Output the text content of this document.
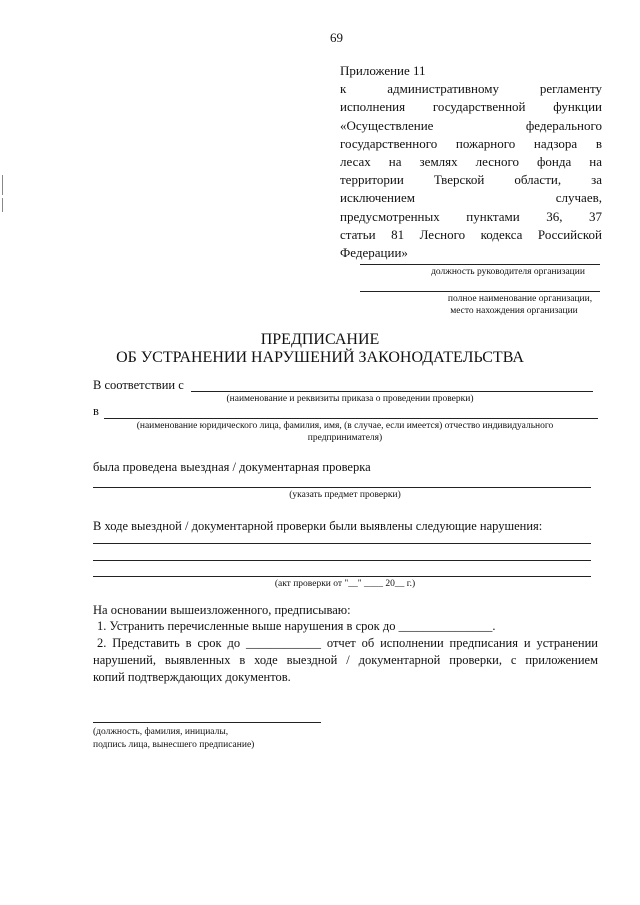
69
Приложение 11
к административному регламенту
исполнения государственной функции
«Осуществление федерального
государственного пожарного надзора в
лесах на землях лесного фонда на
территории Тверской области, за
исключением случаев,
предусмотренных пунктами 36, 37
статьи 81 Лесного кодекса Российской
Федерации»
должность руководителя организации
полное наименование организации,
место нахождения организации
ПРЕДПИСАНИЕ
ОБ УСТРАНЕНИИ НАРУШЕНИЙ ЗАКОНОДАТЕЛЬСТВА
В соответствии с
(наименование и реквизиты приказа о проведении проверки)
в
(наименование юридического лица, фамилия, имя, (в случае, если имеется) отчество индивидуального
предпринимателя)
была проведена выездная / документарная проверка
(указать предмет проверки)
В ходе выездной / документарной проверки были выявлены следующие нарушения:
(акт проверки от "__" ____ 20__ г.)
На основании вышеизложенного, предписываю:
1. Устранить перечисленные выше нарушения в срок до _______________.
2. Представить в срок до ____________ отчет об исполнении предписания и устранении
нарушений, выявленных в ходе выездной / документарной проверки, с приложением
копий подтверждающих документов.
(должность, фамилия, инициалы,
подпись лица, вынесшего предписание)
